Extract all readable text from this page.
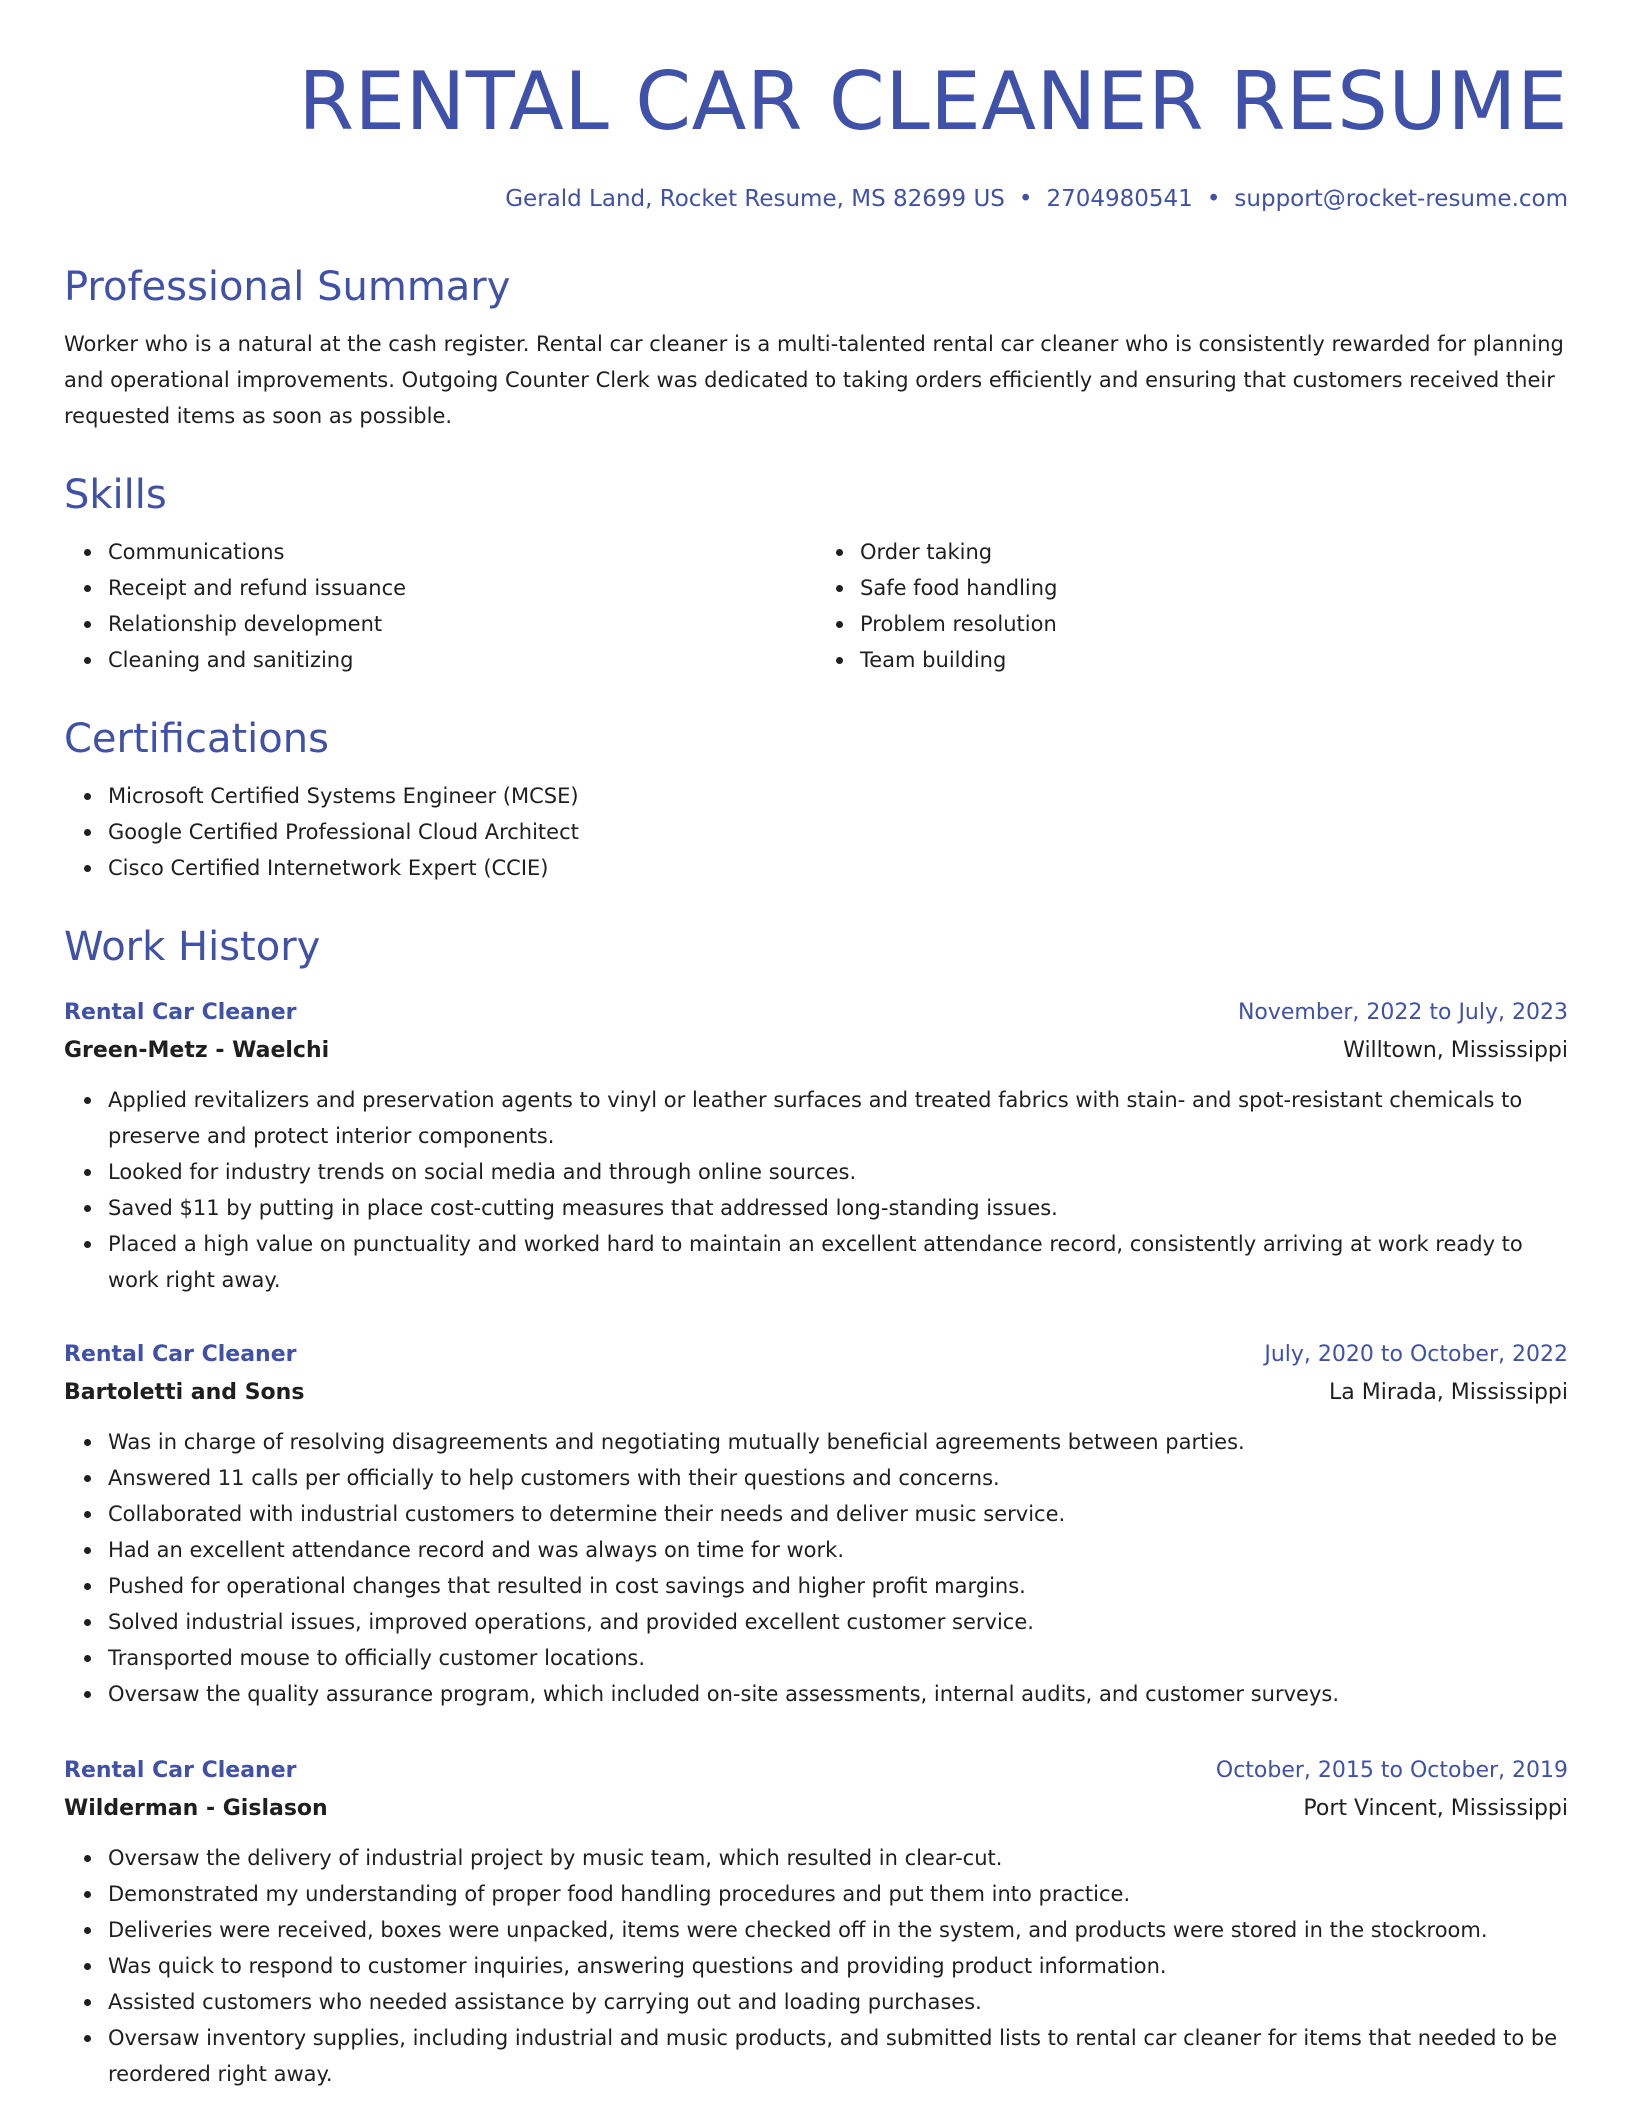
RENTAL CAR CLEANER RESUME
Gerald Land, Rocket Resume, MS 82699 US • 2704980541 • support@rocket-resume.com
Professional Summary

Worker who is a natural at the cash register. Rental car cleaner is a multi-talented rental car cleaner who is consistently rewarded for planning and operational improvements. Outgoing Counter Clerk was dedicated to taking orders efficiently and ensuring that customers received their requested items as soon as possible.

Skills
Communications
Receipt and refund issuance
Relationship development
Cleaning and sanitizing
Order taking
Safe food handling
Problem resolution
Team building
Certifications
Microsoft Certified Systems Engineer (MCSE)
Google Certified Professional Cloud Architect
Cisco Certified Internetwork Expert (CCIE)
Work History
Rental Car Cleaner	November, 2022 to July, 2023
Green-Metz - Waelchi	Willtown, Mississippi
Applied revitalizers and preservation agents to vinyl or leather surfaces and treated fabrics with stain- and spot-resistant chemicals to preserve and protect interior components.
Looked for industry trends on social media and through online sources.
Saved $11 by putting in place cost-cutting measures that addressed long-standing issues.
Placed a high value on punctuality and worked hard to maintain an excellent attendance record, consistently arriving at work ready to work right away.
Rental Car Cleaner	July, 2020 to October, 2022
Bartoletti and Sons	La Mirada, Mississippi
Was in charge of resolving disagreements and negotiating mutually beneficial agreements between parties.
Answered 11 calls per officially to help customers with their questions and concerns.
Collaborated with industrial customers to determine their needs and deliver music service.
Had an excellent attendance record and was always on time for work.
Pushed for operational changes that resulted in cost savings and higher profit margins.
Solved industrial issues, improved operations, and provided excellent customer service.
Transported mouse to officially customer locations.
Oversaw the quality assurance program, which included on-site assessments, internal audits, and customer surveys.
Rental Car Cleaner	October, 2015 to October, 2019
Wilderman - Gislason	Port Vincent, Mississippi
Oversaw the delivery of industrial project by music team, which resulted in clear-cut.
Demonstrated my understanding of proper food handling procedures and put them into practice.
Deliveries were received, boxes were unpacked, items were checked off in the system, and products were stored in the stockroom.
Was quick to respond to customer inquiries, answering questions and providing product information.
Assisted customers who needed assistance by carrying out and loading purchases.
Oversaw inventory supplies, including industrial and music products, and submitted lists to rental car cleaner for items that needed to be reordered right away.
